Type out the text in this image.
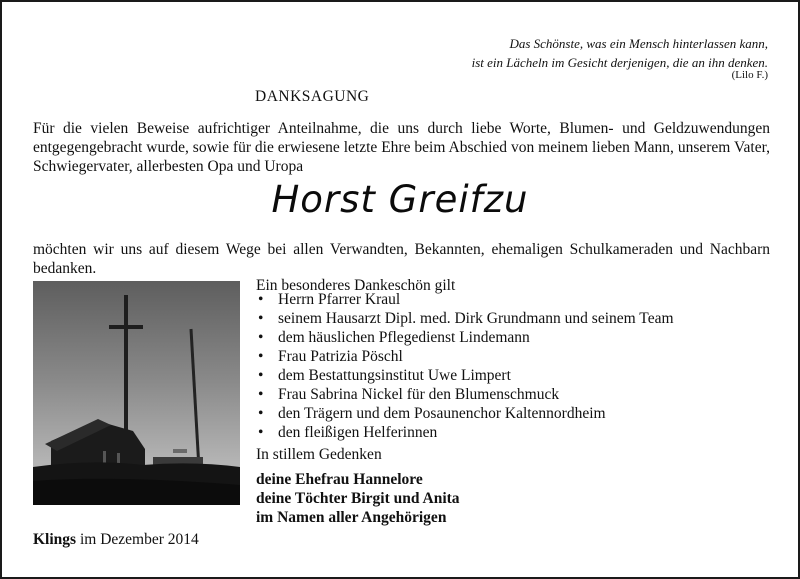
Das Schönste, was ein Mensch hinterlassen kann,
ist ein Lächeln im Gesicht derjenigen, die an ihn denken.
(Lilo F.)
DANKSAGUNG
Für die vielen Beweise aufrichtiger Anteilnahme, die uns durch liebe Worte, Blumen- und Geldzuwendungen entgegengebracht wurde, sowie für die erwiesene letzte Ehre beim Abschied von meinem lieben Mann, unserem Vater, Schwiegervater, allerbesten Opa und Uropa
Horst Greifzu
möchten wir uns auf diesem Wege bei allen Verwandten, Bekannten, ehemaligen Schulkameraden und Nachbarn bedanken.
Ein besonderes Dankeschön gilt
• Herrn Pfarrer Kraul
• seinem Hausarzt Dipl. med. Dirk Grundmann und seinem Team
• dem häuslichen Pflegedienst Lindemann
• Frau Patrizia Pöschl
• dem Bestattungsinstitut Uwe Limpert
• Frau Sabrina Nickel für den Blumenschmuck
• den Trägern und dem Posaunenchor Kaltennordheim
• den fleißigen Helferinnen
In stillem Gedenken
deine Ehefrau Hannelore
deine Töchter Birgit und Anita
im Namen aller Angehörigen
Klings im Dezember 2014
